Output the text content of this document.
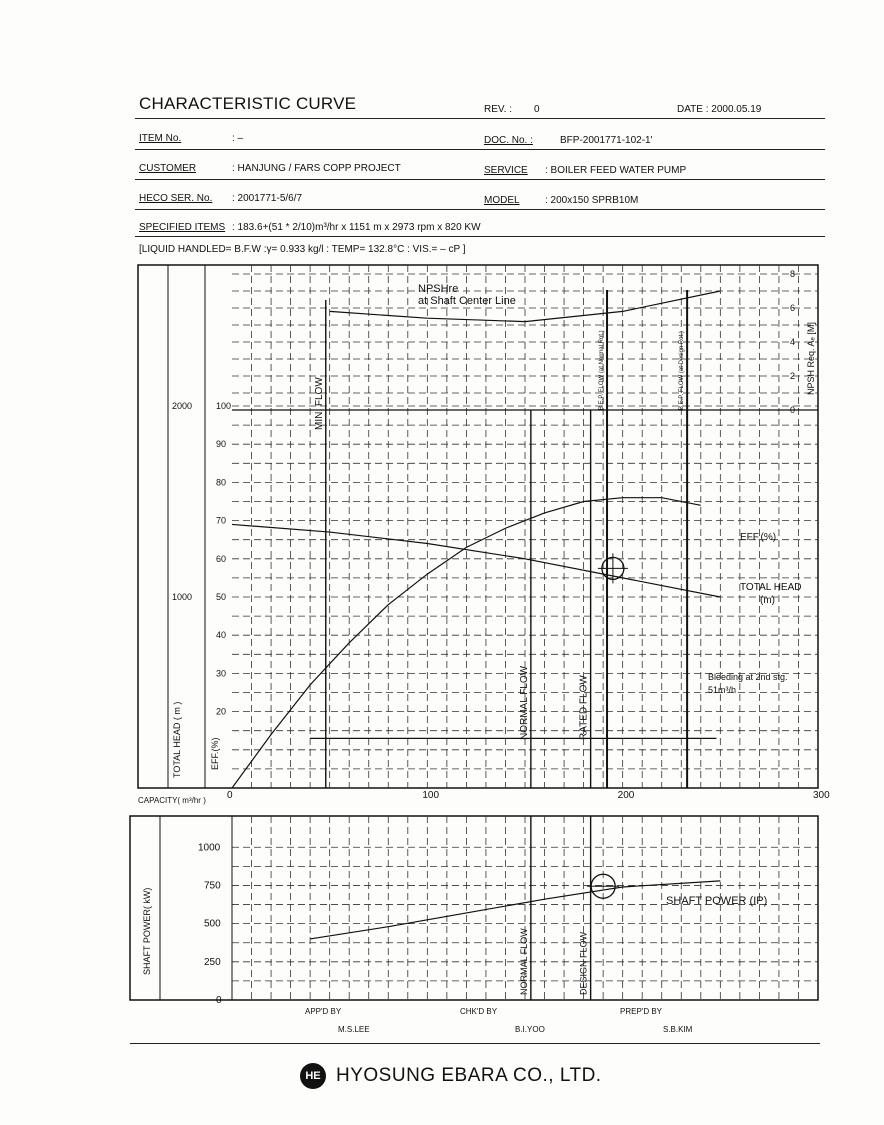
CHARACTERISTIC CURVE	REV. : 0	DATE : 2000.05.19
ITEM No.	: –	DOC. No. :	BFP-2001771-102-1'
CUSTOMER	: HANJUNG / FARS COPP PROJECT	SERVICE : BOILER FEED WATER PUMP
HECO SER. No. : 2001771-5/6/7	MODEL	: 200x150 SPRB10M
SPECIFIED ITEMS : 183.6+(51 * 2/10)m³/hr x 1151 m x 2973 rpm x 820 KW
[LIQUID HANDLED= B.F.W :γ= 0.933 kg/l : TEMP= 132.8°C : VIS.= – cP ]
20
30
40
50
60
70
80
90
100
2000
1000
TOTAL HEAD ( m )	EFF.(%)
0
2
4
6
8
NPSH Req. Aₑ [M]
0	100	200	300
CAPACITY( m³/hr )
MIN. FLOW
NORMAL FLOW	RATED FLOW
B.E.P. FLOW (at Normal Rot.)	B.E.P. FLOW (at Design Rot.)
NPSHre
at Shaft Center Line
EFF.(%)
TOTAL HEAD
(m)
Bleeding at 2nd stg.
51m³/h
0
250
500
750
1000
SHAFT POWER( kW)	SHAFT POWER (IP)
NORMAL FLOW	DESIGN FLOW
APP'D BY
M.S.LEE
CHK'D BY
B.I.YOO
PREP'D BY
S.B.KIM
HE HYOSUNG EBARA CO., LTD.
